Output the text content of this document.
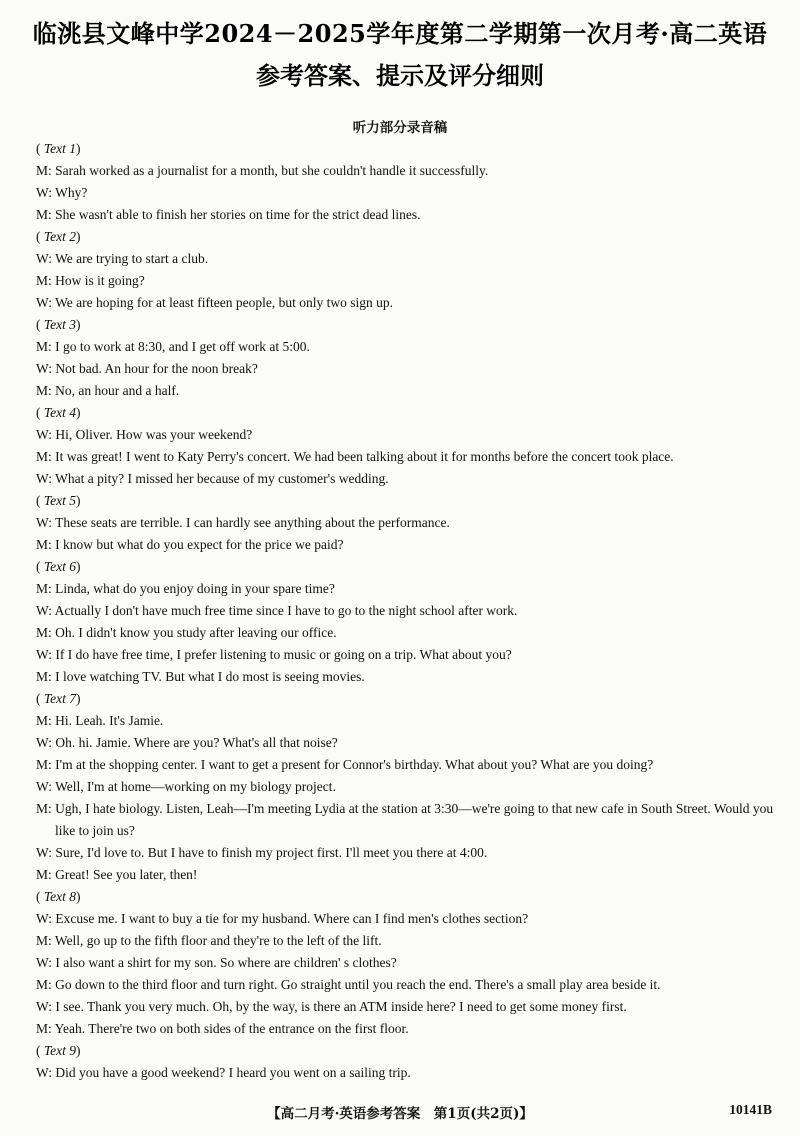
临洮县文峰中学2024－2025学年度第二学期第一次月考·高二英语
参考答案、提示及评分细则
听力部分录音稿
( Text 1)
M: Sarah worked as a journalist for a month, but she couldn't handle it successfully.
W: Why?
M: She wasn't able to finish her stories on time for the strict dead lines.
( Text 2)
W: We are trying to start a club.
M: How is it going?
W: We are hoping for at least fifteen people, but only two sign up.
( Text 3)
M: I go to work at 8:30, and I get off work at 5:00.
W: Not bad. An hour for the noon break?
M: No, an hour and a half.
( Text 4)
W: Hi, Oliver. How was your weekend?
M: It was great! I went to Katy Perry's concert. We had been talking about it for months before the concert took place.
W: What a pity? I missed her because of my customer's wedding.
( Text 5)
W: These seats are terrible. I can hardly see anything about the performance.
M: I know but what do you expect for the price we paid?
( Text 6)
M: Linda, what do you enjoy doing in your spare time?
W: Actually I don't have much free time since I have to go to the night school after work.
M: Oh. I didn't know you study after leaving our office.
W: If I do have free time, I prefer listening to music or going on a trip. What about you?
M: I love watching TV. But what I do most is seeing movies.
( Text 7)
M: Hi. Leah. It's Jamie.
W: Oh. hi. Jamie. Where are you? What's all that noise?
M: I'm at the shopping center. I want to get a present for Connor's birthday. What about you? What are you doing?
W: Well, I'm at home—working on my biology project.
M: Ugh, I hate biology. Listen, Leah—I'm meeting Lydia at the station at 3:30—we're going to that new cafe in South Street. Would you like to join us?
W: Sure, I'd love to. But I have to finish my project first. I'll meet you there at 4:00.
M: Great! See you later, then!
( Text 8)
W: Excuse me. I want to buy a tie for my husband. Where can I find men's clothes section?
M: Well, go up to the fifth floor and they're to the left of the lift.
W: I also want a shirt for my son. So where are children' s clothes?
M: Go down to the third floor and turn right. Go straight until you reach the end. There's a small play area beside it.
W: I see. Thank you very much. Oh, by the way, is there an ATM inside here? I need to get some money first.
M: Yeah. There're two on both sides of the entrance on the first floor.
( Text 9)
W: Did you have a good weekend? I heard you went on a sailing trip.
【高二月考·英语参考答案　第1页(共2页)】	10141B
